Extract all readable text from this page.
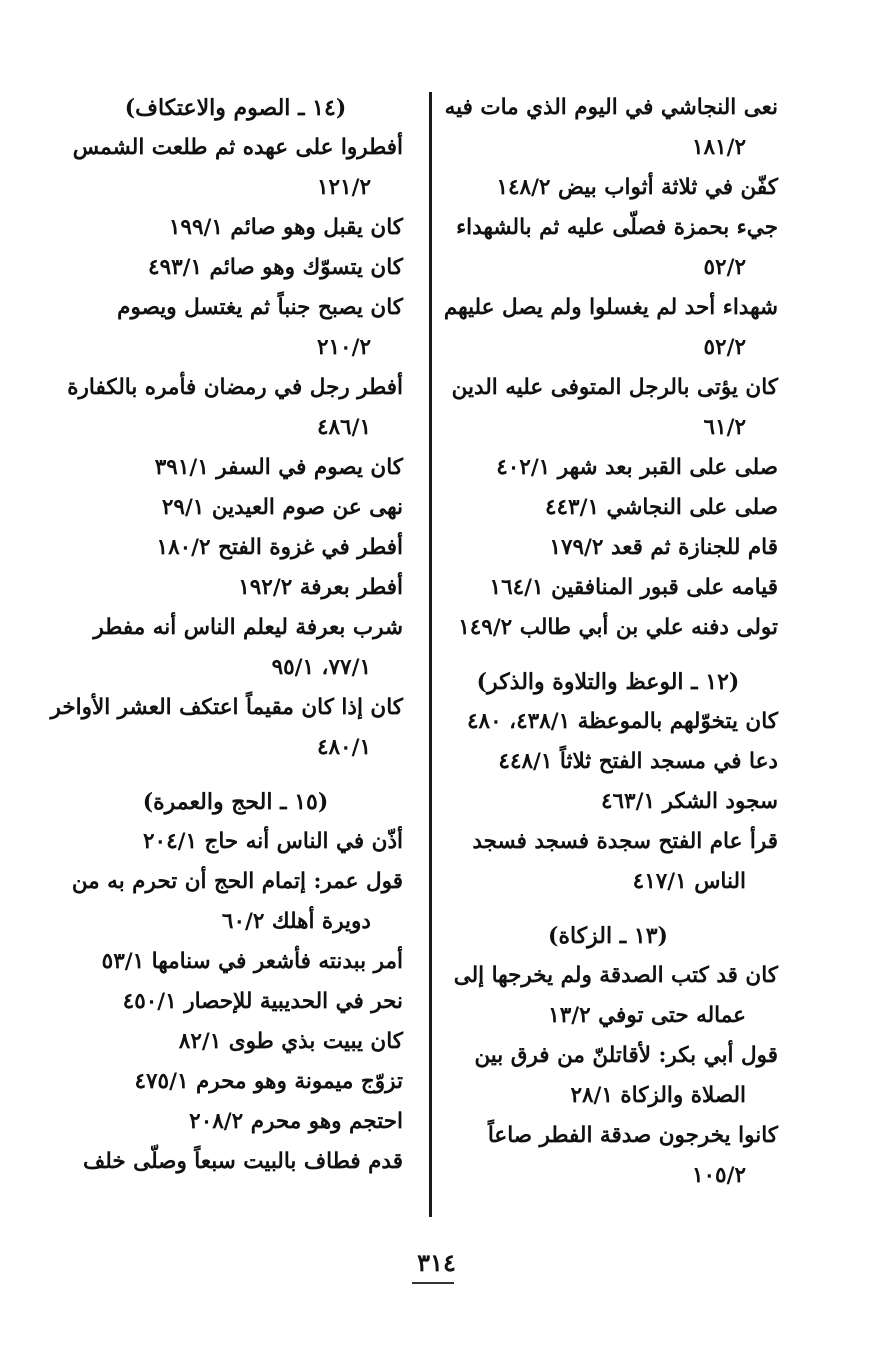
نعى النجاشي في اليوم الذي مات فيه
١٨١/٢
كفّن في ثلاثة أثواب بيض ١٤٨/٢
جيء بحمزة فصلّى عليه ثم بالشهداء
٥٢/٢
شهداء أحد لم يغسلوا ولم يصل عليهم
٥٢/٢
كان يؤتى بالرجل المتوفى عليه الدين
٦١/٢
صلى على القبر بعد شهر ٤٠٢/١
صلى على النجاشي ٤٤٣/١
قام للجنازة ثم قعد ١٧٩/٢
قيامه على قبور المنافقين ١٦٤/١
تولى دفنه علي بن أبي طالب ١٤٩/٢
(١٢ ـ الوعظ والتلاوة والذكر)
كان يتخوّلهم بالموعظة ٤٣٨/١، ٤٨٠
دعا في مسجد الفتح ثلاثاً ٤٤٨/١
سجود الشكر ٤٦٣/١
قرأ عام الفتح سجدة فسجد فسجد
الناس ٤١٧/١
(١٣ ـ الزكاة)
كان قد كتب الصدقة ولم يخرجها إلى
عماله حتى توفي ١٣/٢
قول أبي بكر: لأقاتلنّ من فرق بين
الصلاة والزكاة ٢٨/١
كانوا يخرجون صدقة الفطر صاعاً
١٠٥/٢
(١٤ ـ الصوم والاعتكاف)
أفطروا على عهده ثم طلعت الشمس
١٢١/٢
كان يقبل وهو صائم ١٩٩/١
كان يتسوّك وهو صائم ٤٩٣/١
كان يصبح جنباً ثم يغتسل ويصوم
٢١٠/٢
أفطر رجل في رمضان فأمره بالكفارة
٤٨٦/١
كان يصوم في السفر ٣٩١/١
نهى عن صوم العيدين ٢٩/١
أفطر في غزوة الفتح ١٨٠/٢
أفطر بعرفة ١٩٢/٢
شرب بعرفة ليعلم الناس أنه مفطر
٧٧/١، ٩٥/١
كان إذا كان مقيماً اعتكف العشر الأواخر
٤٨٠/١
(١٥ ـ الحج والعمرة)
أذّن في الناس أنه حاج ٢٠٤/١
قول عمر: إتمام الحج أن تحرم به من
دويرة أهلك ٦٠/٢
أمر ببدنته فأشعر في سنامها ٥٣/١
نحر في الحديبية للإحصار ٤٥٠/١
كان يبيت بذي طوى ٨٢/١
تزوّج ميمونة وهو محرم ٤٧٥/١
احتجم وهو محرم ٢٠٨/٢
قدم فطاف بالبيت سبعاً وصلّى خلف
٣١٤
